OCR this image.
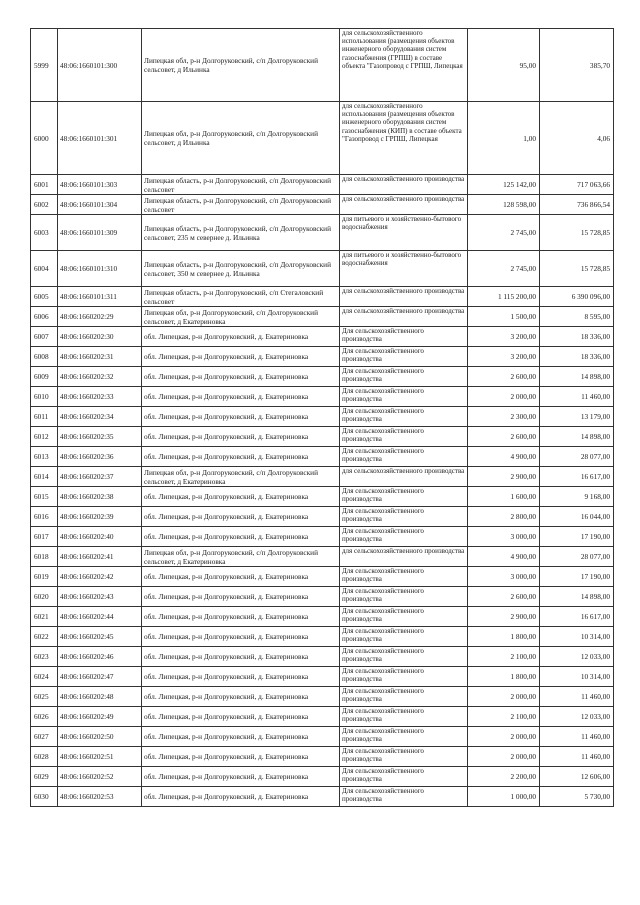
5999	48:06:1660101:300	Липецкая обл, р-н Долгоруковский, с/п Долгоруковский сельсовет, д Ильинка	для сельскохозяйственного использования (размещения объектов инженерного оборудования систем газоснабжения (ГРПШ) в составе объекта "Газопровод с ГРПШ, Липецкая	95,00	385,70
6000	48:06:1660101:301	Липецкая обл, р-н Долгоруковский, с/п Долгоруковский сельсовет, д Ильинка	для сельскохозяйственного использования (размещения объектов инженерного оборудования систем газоснабжения (КИП) в составе объекта "Газопровод с ГРПШ, Липецкая	1,00	4,06
6001	48:06:1660101:303	Липецкая область, р-н Долгоруковский, с/п Долгоруковский сельсовет	для сельскохозяйственного производства	125 142,00	717 063,66
6002	48:06:1660101:304	Липецкая область, р-н Долгоруковский, с/п Долгоруковский сельсовет	для сельскохозяйственного производства	128 598,00	736 866,54
6003	48:06:1660101:309	Липецкая область, р-н Долгоруковский, с/п Долгоруковский сельсовет, 235 м севернее д. Ильинка	для питьевого и хозяйственно-бытового водоснабжения	2 745,00	15 728,85
6004	48:06:1660101:310	Липецкая область, р-н Долгоруковский, с/п Долгоруковский сельсовет, 350 м севернее д. Ильинка	для питьевого и хозяйственно-бытового водоснабжения	2 745,00	15 728,85
6005	48:06:1660101:311	Липецкая область, р-н Долгоруковский, с/п Стегаловский сельсовет	для сельскохозяйственного производства	1 115 200,00	6 390 096,00
6006	48:06:1660202:29	Липецкая обл, р-н Долгоруковский, с/п Долгоруковский сельсовет, д Екатериновка	для сельскохозяйственного производства	1 500,00	8 595,00
6007	48:06:1660202:30	обл. Липецкая, р-н Долгоруковский, д. Екатериновка	Для сельскохозяйственного производства	3 200,00	18 336,00
6008	48:06:1660202:31	обл. Липецкая, р-н Долгоруковский, д. Екатериновка	Для сельскохозяйственного производства	3 200,00	18 336,00
6009	48:06:1660202:32	обл. Липецкая, р-н Долгоруковский, д. Екатериновка	Для сельскохозяйственного производства	2 600,00	14 898,00
6010	48:06:1660202:33	обл. Липецкая, р-н Долгоруковский, д. Екатериновка	Для сельскохозяйственного производства	2 000,00	11 460,00
6011	48:06:1660202:34	обл. Липецкая, р-н Долгоруковский, д. Екатериновка	Для сельскохозяйственного производства	2 300,00	13 179,00
6012	48:06:1660202:35	обл. Липецкая, р-н Долгоруковский, д. Екатериновка	Для сельскохозяйственного производства	2 600,00	14 898,00
6013	48:06:1660202:36	обл. Липецкая, р-н Долгоруковский, д. Екатериновка	Для сельскохозяйственного производства	4 900,00	28 077,00
6014	48:06:1660202:37	Липецкая обл, р-н Долгоруковский, с/п Долгоруковский сельсовет, д Екатериновка	для сельскохозяйственного производства	2 900,00	16 617,00
6015	48:06:1660202:38	обл. Липецкая, р-н Долгоруковский, д. Екатериновка	Для сельскохозяйственного производства	1 600,00	9 168,00
6016	48:06:1660202:39	обл. Липецкая, р-н Долгоруковский, д. Екатериновка	Для сельскохозяйственного производства	2 800,00	16 044,00
6017	48:06:1660202:40	обл. Липецкая, р-н Долгоруковский, д. Екатериновка	Для сельскохозяйственного производства	3 000,00	17 190,00
6018	48:06:1660202:41	Липецкая обл, р-н Долгоруковский, с/п Долгоруковский сельсовет, д Екатериновка	для сельскохозяйственного производства	4 900,00	28 077,00
6019	48:06:1660202:42	обл. Липецкая, р-н Долгоруковский, д. Екатериновка	Для сельскохозяйственного производства	3 000,00	17 190,00
6020	48:06:1660202:43	обл. Липецкая, р-н Долгоруковский, д. Екатериновка	Для сельскохозяйственного производства	2 600,00	14 898,00
6021	48:06:1660202:44	обл. Липецкая, р-н Долгоруковский, д. Екатериновка	Для сельскохозяйственного производства	2 900,00	16 617,00
6022	48:06:1660202:45	обл. Липецкая, р-н Долгоруковский, д. Екатериновка	Для сельскохозяйственного производства	1 800,00	10 314,00
6023	48:06:1660202:46	обл. Липецкая, р-н Долгоруковский, д. Екатериновка	Для сельскохозяйственного производства	2 100,00	12 033,00
6024	48:06:1660202:47	обл. Липецкая, р-н Долгоруковский, д. Екатериновка	Для сельскохозяйственного производства	1 800,00	10 314,00
6025	48:06:1660202:48	обл. Липецкая, р-н Долгоруковский, д. Екатериновка	Для сельскохозяйственного производства	2 000,00	11 460,00
6026	48:06:1660202:49	обл. Липецкая, р-н Долгоруковский, д. Екатериновка	Для сельскохозяйственного производства	2 100,00	12 033,00
6027	48:06:1660202:50	обл. Липецкая, р-н Долгоруковский, д. Екатериновка	Для сельскохозяйственного производства	2 000,00	11 460,00
6028	48:06:1660202:51	обл. Липецкая, р-н Долгоруковский, д. Екатериновка	Для сельскохозяйственного производства	2 000,00	11 460,00
6029	48:06:1660202:52	обл. Липецкая, р-н Долгоруковский, д. Екатериновка	Для сельскохозяйственного производства	2 200,00	12 606,00
6030	48:06:1660202:53	обл. Липецкая, р-н Долгоруковский, д. Екатериновка	Для сельскохозяйственного производства	1 000,00	5 730,00
